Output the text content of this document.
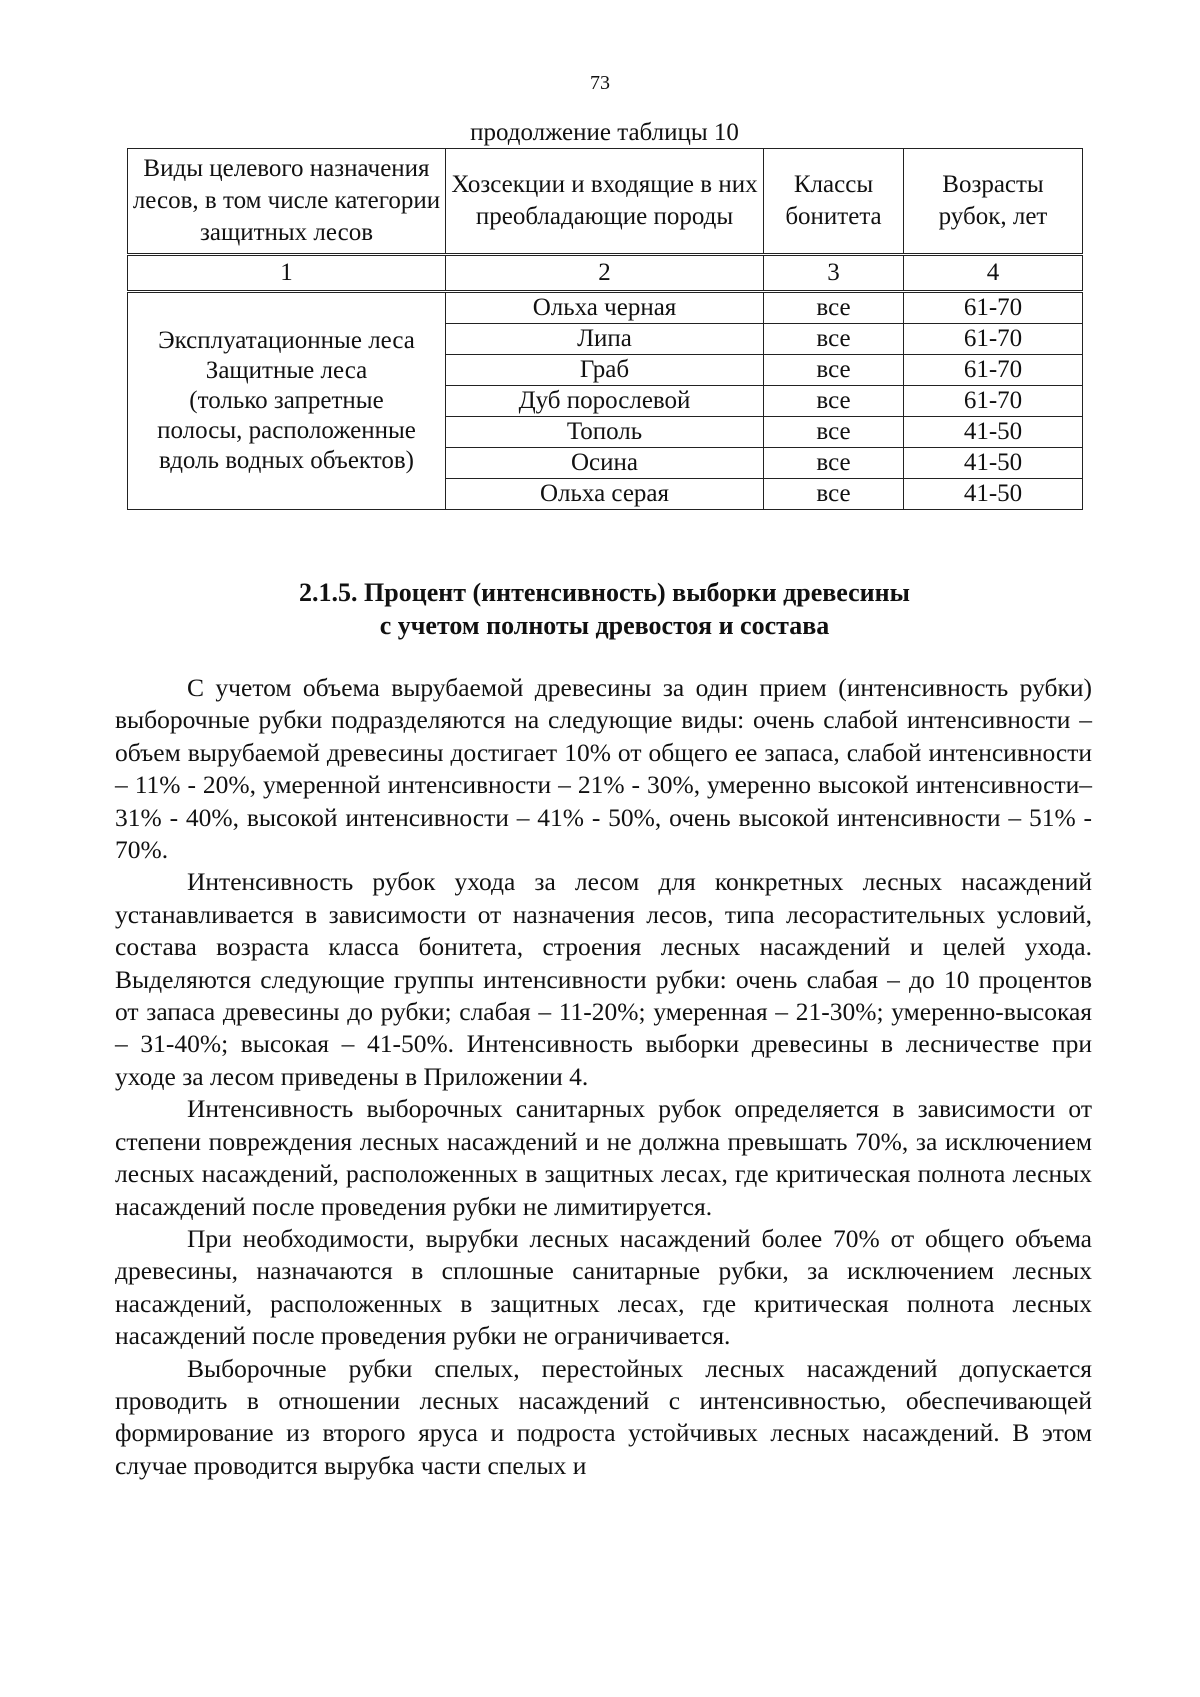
73
продолжение таблицы 10
Виды целевого назначения лесов, в том числе категории защитных лесов	Хозсекции и входящие в них преобладающие породы	Классы бонитета	Возрасты рубок, лет
1	2	3	4

Эксплуатационные леса
Защитные леса
(только запретные
полосы, расположенные
вдоль водных объектов)	Ольха черная	все	61-70
	Липа	все	61-70
	Граб	все	61-70
	Дуб порослевой	все	61-70
	Тополь	все	41-50
	Осина	все	41-50
	Ольха серая	все	41-50
2.1.5. Процент (интенсивность) выборки древесины
с учетом полноты древостоя и состава

С учетом объема вырубаемой древесины за один прием (интенсивность рубки) выборочные рубки подразделяются на следующие виды: очень слабой интенсивности – объем вырубаемой древесины достигает 10% от общего ее запаса, слабой интенсивности – 11% - 20%, умеренной интенсивности – 21% - 30%, умеренно высокой интенсивности– 31% - 40%, высокой интенсивности – 41% - 50%, очень высокой интенсивности – 51% - 70%.

Интенсивность рубок ухода за лесом для конкретных лесных насаждений устанавливается в зависимости от назначения лесов, типа лесорастительных условий, состава возраста класса бонитета, строения лесных насаждений и целей ухода. Выделяются следующие группы интенсивности рубки: очень слабая – до 10 процентов от запаса древесины до рубки; слабая – 11-20%; умеренная – 21-30%; умеренно-высокая – 31-40%; высокая – 41-50%. Интенсивность выборки древесины в лесничестве при уходе за лесом приведены в Приложении 4.

Интенсивность выборочных санитарных рубок определяется в зависимости от степени повреждения лесных насаждений и не должна превышать 70%, за исключением лесных насаждений, расположенных в защитных лесах, где критическая полнота лесных насаждений после проведения рубки не лимитируется.

При необходимости, вырубки лесных насаждений более 70% от общего объема древесины, назначаются в сплошные санитарные рубки, за исключением лесных насаждений, расположенных в защитных лесах, где критическая полнота лесных насаждений после проведения рубки не ограничивается.

Выборочные рубки спелых, перестойных лесных насаждений допускается проводить в отношении лесных насаждений с интенсивностью, обеспечивающей формирование из второго яруса и подроста устойчивых лесных насаждений. В этом случае проводится вырубка части спелых и
